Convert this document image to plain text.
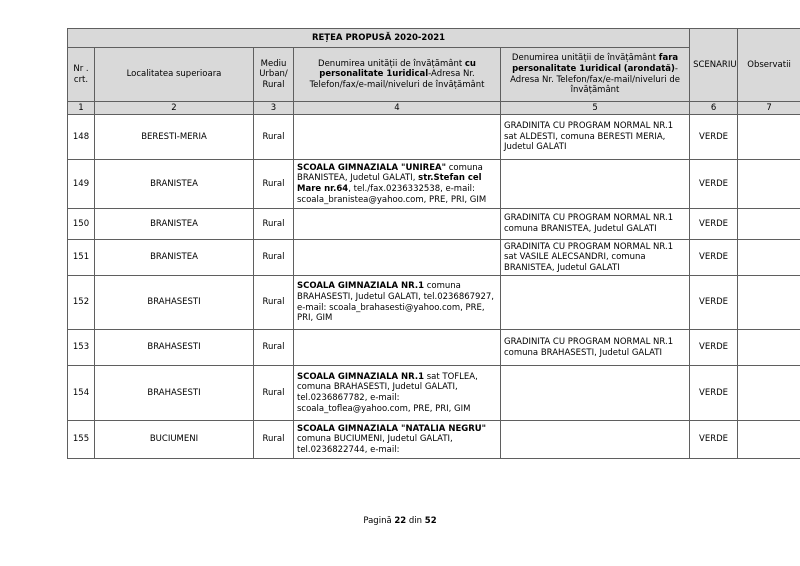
REȚEA PROPUSĂ 2020-2021					SCENARIU	Observatii
Nr . crt.	Localitatea superioara	Mediu Urban/ Rural	Denumirea unității de învățământ cu personalitate 1uridical-Adresa Nr. Telefon/fax/e-mail/niveluri de învățământ	Denumirea unității de învățământ fara personalitate 1uridical (arondată)-Adresa Nr. Telefon/fax/e-mail/niveluri de învățământ		
1	2	3	4	5	6	7
148	BERESTI-MERIA	Rural		GRADINITA CU PROGRAM NORMAL NR.1 sat ALDESTI, comuna BERESTI MERIA, Judetul GALATI	VERDE	
149	BRANISTEA	Rural	SCOALA GIMNAZIALA "UNIREA" comuna BRANISTEA, Judetul GALATI, str.Stefan cel Mare nr.64, tel./fax.0236332538, e-mail: scoala_branistea@yahoo.com, PRE, PRI, GIM		VERDE	
150	BRANISTEA	Rural		GRADINITA CU PROGRAM NORMAL NR.1 comuna BRANISTEA, Judetul GALATI	VERDE	
151	BRANISTEA	Rural		GRADINITA CU PROGRAM NORMAL NR.1 sat VASILE ALECSANDRI, comuna BRANISTEA, Judetul GALATI	VERDE	
152	BRAHASESTI	Rural	SCOALA GIMNAZIALA NR.1 comuna BRAHASESTI, Judetul GALATI, tel.0236867927, e-mail: scoala_brahasesti@yahoo.com, PRE, PRI, GIM		VERDE	
153	BRAHASESTI	Rural		GRADINITA CU PROGRAM NORMAL NR.1 comuna BRAHASESTI, Judetul GALATI	VERDE	
154	BRAHASESTI	Rural	SCOALA GIMNAZIALA NR.1 sat TOFLEA, comuna BRAHASESTI, Judetul GALATI, tel.0236867782, e-mail: scoala_toflea@yahoo.com, PRE, PRI, GIM		VERDE	
155	BUCIUMENI	Rural	SCOALA GIMNAZIALA "NATALIA NEGRU" comuna BUCIUMENI, Judetul GALATI, tel.0236822744, e-mail:		VERDE	
Pagină 22 din 52
